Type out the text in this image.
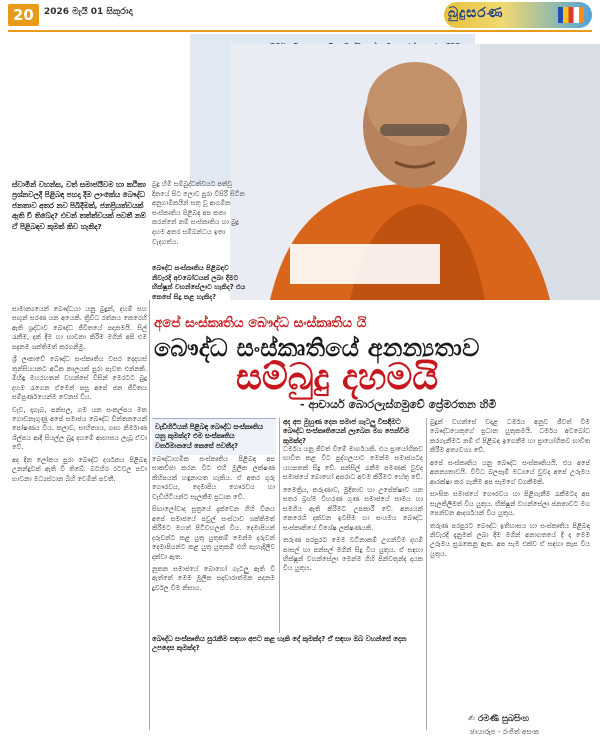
20	2026 මැයි 01 සිකුරාදා	බුදුසරණ

ස්වාමීන් වහන්ස, වත් සමාජයීවම හා කථිකා ප්‍රශ්නවලදී පිළිබඳ පහදා දීම ලාංකේය බෞද්ධ ජනතාව අතර නව පිබිදීමක්, ජනප්‍රියත්වයක් ඇති වී තිබේද? එවන් තත්ත්වයක් පවතී නම් ඒ පිළිබඳව කුමක් කිව හැකිද?

බුදු හිමි සම්බුද්ධත්වයට පත්වූ දිනයේ සිට ලොව පුරා විසිරී සිටින අනුගාමිකයින් සතු වූ ආගමික සංස්කෘතිය පිළිබඳ අප කතා කරන්නේ නම් සංස්කෘතිය හා බුදු දහම අතර සම්බන්ධය ඉතා වැදගත්ය.

බෞද්ධ සංස්කෘතිය පිළිබඳව නිවැරදි අවබෝධයක් ලබා දීමට භික්ෂූන් වහන්සේලාට හැකිද? එය කෙසේ සිදු කළ හැකිද?

අපේ සංස්කෘතිය බෞද්ධ සංස්කෘතිය යි
බෞද්ධ සංස්කෘතියේ අනන්‍යතාව
සම්බුදු දහමයි
- ආචාර්ය බොරලැස්ගමුවේ ප්‍රේමරතන හිමි

සාමාන්‍යයෙන් බෞද්ධයා යනු බුදුන්, දහම් සහ සඟුන් සරණ යන අයෙකි. ත්‍රිවිධ රත්නය කෙරෙහි ඇති ශ්‍රද්ධාව බෞද්ධ ජීවිතයේ පදනමයි. සිල් රැකීම, දන් දීම හා භාවනා කිරීම මගින් අපි එම පදනම ශක්තිමත් කරගනිමු.

ශ්‍රී ලංකාවේ බෞද්ධ සංස්කෘතිය වසර දෙදහස් තුන්සියයකට අධික කාලයක් පුරා පැවත එන්නකි. මිහිඳු මහරහතන් වහන්සේ විසින් මෙරටට බුදු දහම රැගෙන ඒමෙන් පසු අපේ ජන ජීවිතය සම්පූර්ණයෙන්ම වෙනස් විය.

වැව, දාගැබ, පන්සල, ගම යන සංකල්පය මත ගොඩනැගුණු අපේ සමාජය බෞද්ධ චින්තනයෙන් පෝෂණය විය. කලාව, සාහිත්‍යය, ගෘහ නිර්මාණ ශිල්පය ආදී සියල්ල බුදු දහමේ ආභාසය ලැබූ ඒවා වේ.

අද දින ලෝකය පුරා බෞද්ධ දර්ශනය පිළිබඳ උනන්දුවක් ඇති වී තිබේ. බටහිර රටවල පවා භාවනා මධ්‍යස්ථාන බිහි වෙමින් පවතී.

වැඩිහිටියන් පිළිබඳ බෞද්ධ සංස්කෘතිය යනු කුමක්ද? එම සංස්කෘතිය වර්තමානයේ කෙසේ පවතීද?

බෞද්ධාගමික සංස්කෘතිය පිළිබඳ අප සාකච්ඡා කරන විට එහි මූලික ලක්ෂණ කිහිපයක් හඳුනාගත හැකිය. ඒ අතර ගුරු ගෞරවය, දෙමාපිය ගෞරවය හා වැඩිහිටියන්ට සැලකීම ප්‍රධාන වේ.

සිඟාලෝවාද සූත්‍රයේ දැක්වෙන ගිහි විනය අපේ සමාජයේ පවුල් සංස්ථාව ශක්තිමත් කිරීමට මහත් පිටිවහලක් විය. දෙමාපියන් දරුවන්ට කළ යුතු යුතුකම් මෙන්ම දරුවන් දෙමාපියන්ට කළ යුතු යුතුකම් එහි පැහැදිලිව දක්වා ඇත.

නූතන සමාජයේ බොහෝ ගැටලු ඇති වී ඇත්තේ මෙම මූලික සදාචාරාත්මක පදනම දුර්වල වීම නිසාය.

අද අප මුහුණ දෙන සමාජ ගැටලු විසඳීමට බෞද්ධ සංස්කෘතියෙන් ලැබෙන මග පෙන්වීම කුමක්ද?

ධර්මය යනු ජීවත් වීමේ මාර්ගයකි. එය ප්‍රායෝගිකව භාවිත කළ විට පුද්ගලයාට මෙන්ම සමාජයටද යහපතක් සිදු වේ. පන්සිල් රැකීම පමණක් වුවද සමාජයේ බොහෝ අපරාධ අවම කිරීමට හේතු වේ.

මෛත්‍රිය, කරුණාව, මුදිතාව හා උපේක්ෂාව යන සතර බ්‍රහ්ම විහරණ ගුණ සමාජයේ සාමය හා සමගිය ඇති කිරීමට උපකාරී වේ. අන්‍යයන් කෙරෙහි දක්වන ඉවසීම හා සංයමය බෞද්ධ සංස්කෘතියේ විශේෂ ලක්ෂණයකි.

තරුණ පරපුරට මෙම වටිනාකම් උගන්වීම දහම් පාසල් හා පන්සල් මගින් සිදු විය යුතුය. ඒ සඳහා භික්ෂූන් වහන්සේලා මෙන්ම ගිහි පින්වතුන්ද දායක විය යුතුය.

බෞද්ධ සංස්කෘතිය සුරැකීම සඳහා අපට කළ හැකි දේ කුමක්ද? ඒ සඳහා ඔබ වහන්සේ දෙන උපදෙස කුමක්ද?

බුදුන් වහන්සේ වදාළ ධර්මය අනුව ජීවත් වීම බෞද්ධයෙකුගේ ප්‍රධාන යුතුකමයි. ධර්මය අවබෝධ කරගැනීමට නම් ඒ පිළිබඳ ඉගෙනීම හා ප්‍රායෝගිකව භාවිත කිරීම අත්‍යවශ්‍ය වේ.

අපේ සංස්කෘතිය යනු බෞද්ධ සංස්කෘතියයි. එය අපේ අනන්‍යතාවයි. විවිධ බලපෑම් මධ්‍යයේ වුවද අපේ උරුමය ආරක්ෂා කර ගැනීම අප සැමගේ වගකීමකි.

සාංඝික සමාජයේ ගෞරවය හා පිළිගැනීම රැකීමටද අප සැලකිලිමත් විය යුතුය. භික්ෂූන් වහන්සේලා ජනතාවට මග පෙන්වන ආදර්ශයක් විය යුතුය.

තරුණ පරපුරට බෞද්ධ ඉතිහාසය හා සංස්කෘතිය පිළිබඳ නිවැරදි දැනුමක් ලබා දීම මගින් අනාගතයේ දී ද මෙම උරුමය සුරැකෙනු ඇත. අප සැම එක්ව ඒ සඳහා කැප විය යුතුය.

✍ රමණී සුබසිංහ
ඡායාරූප - රංජිත් අසංක
